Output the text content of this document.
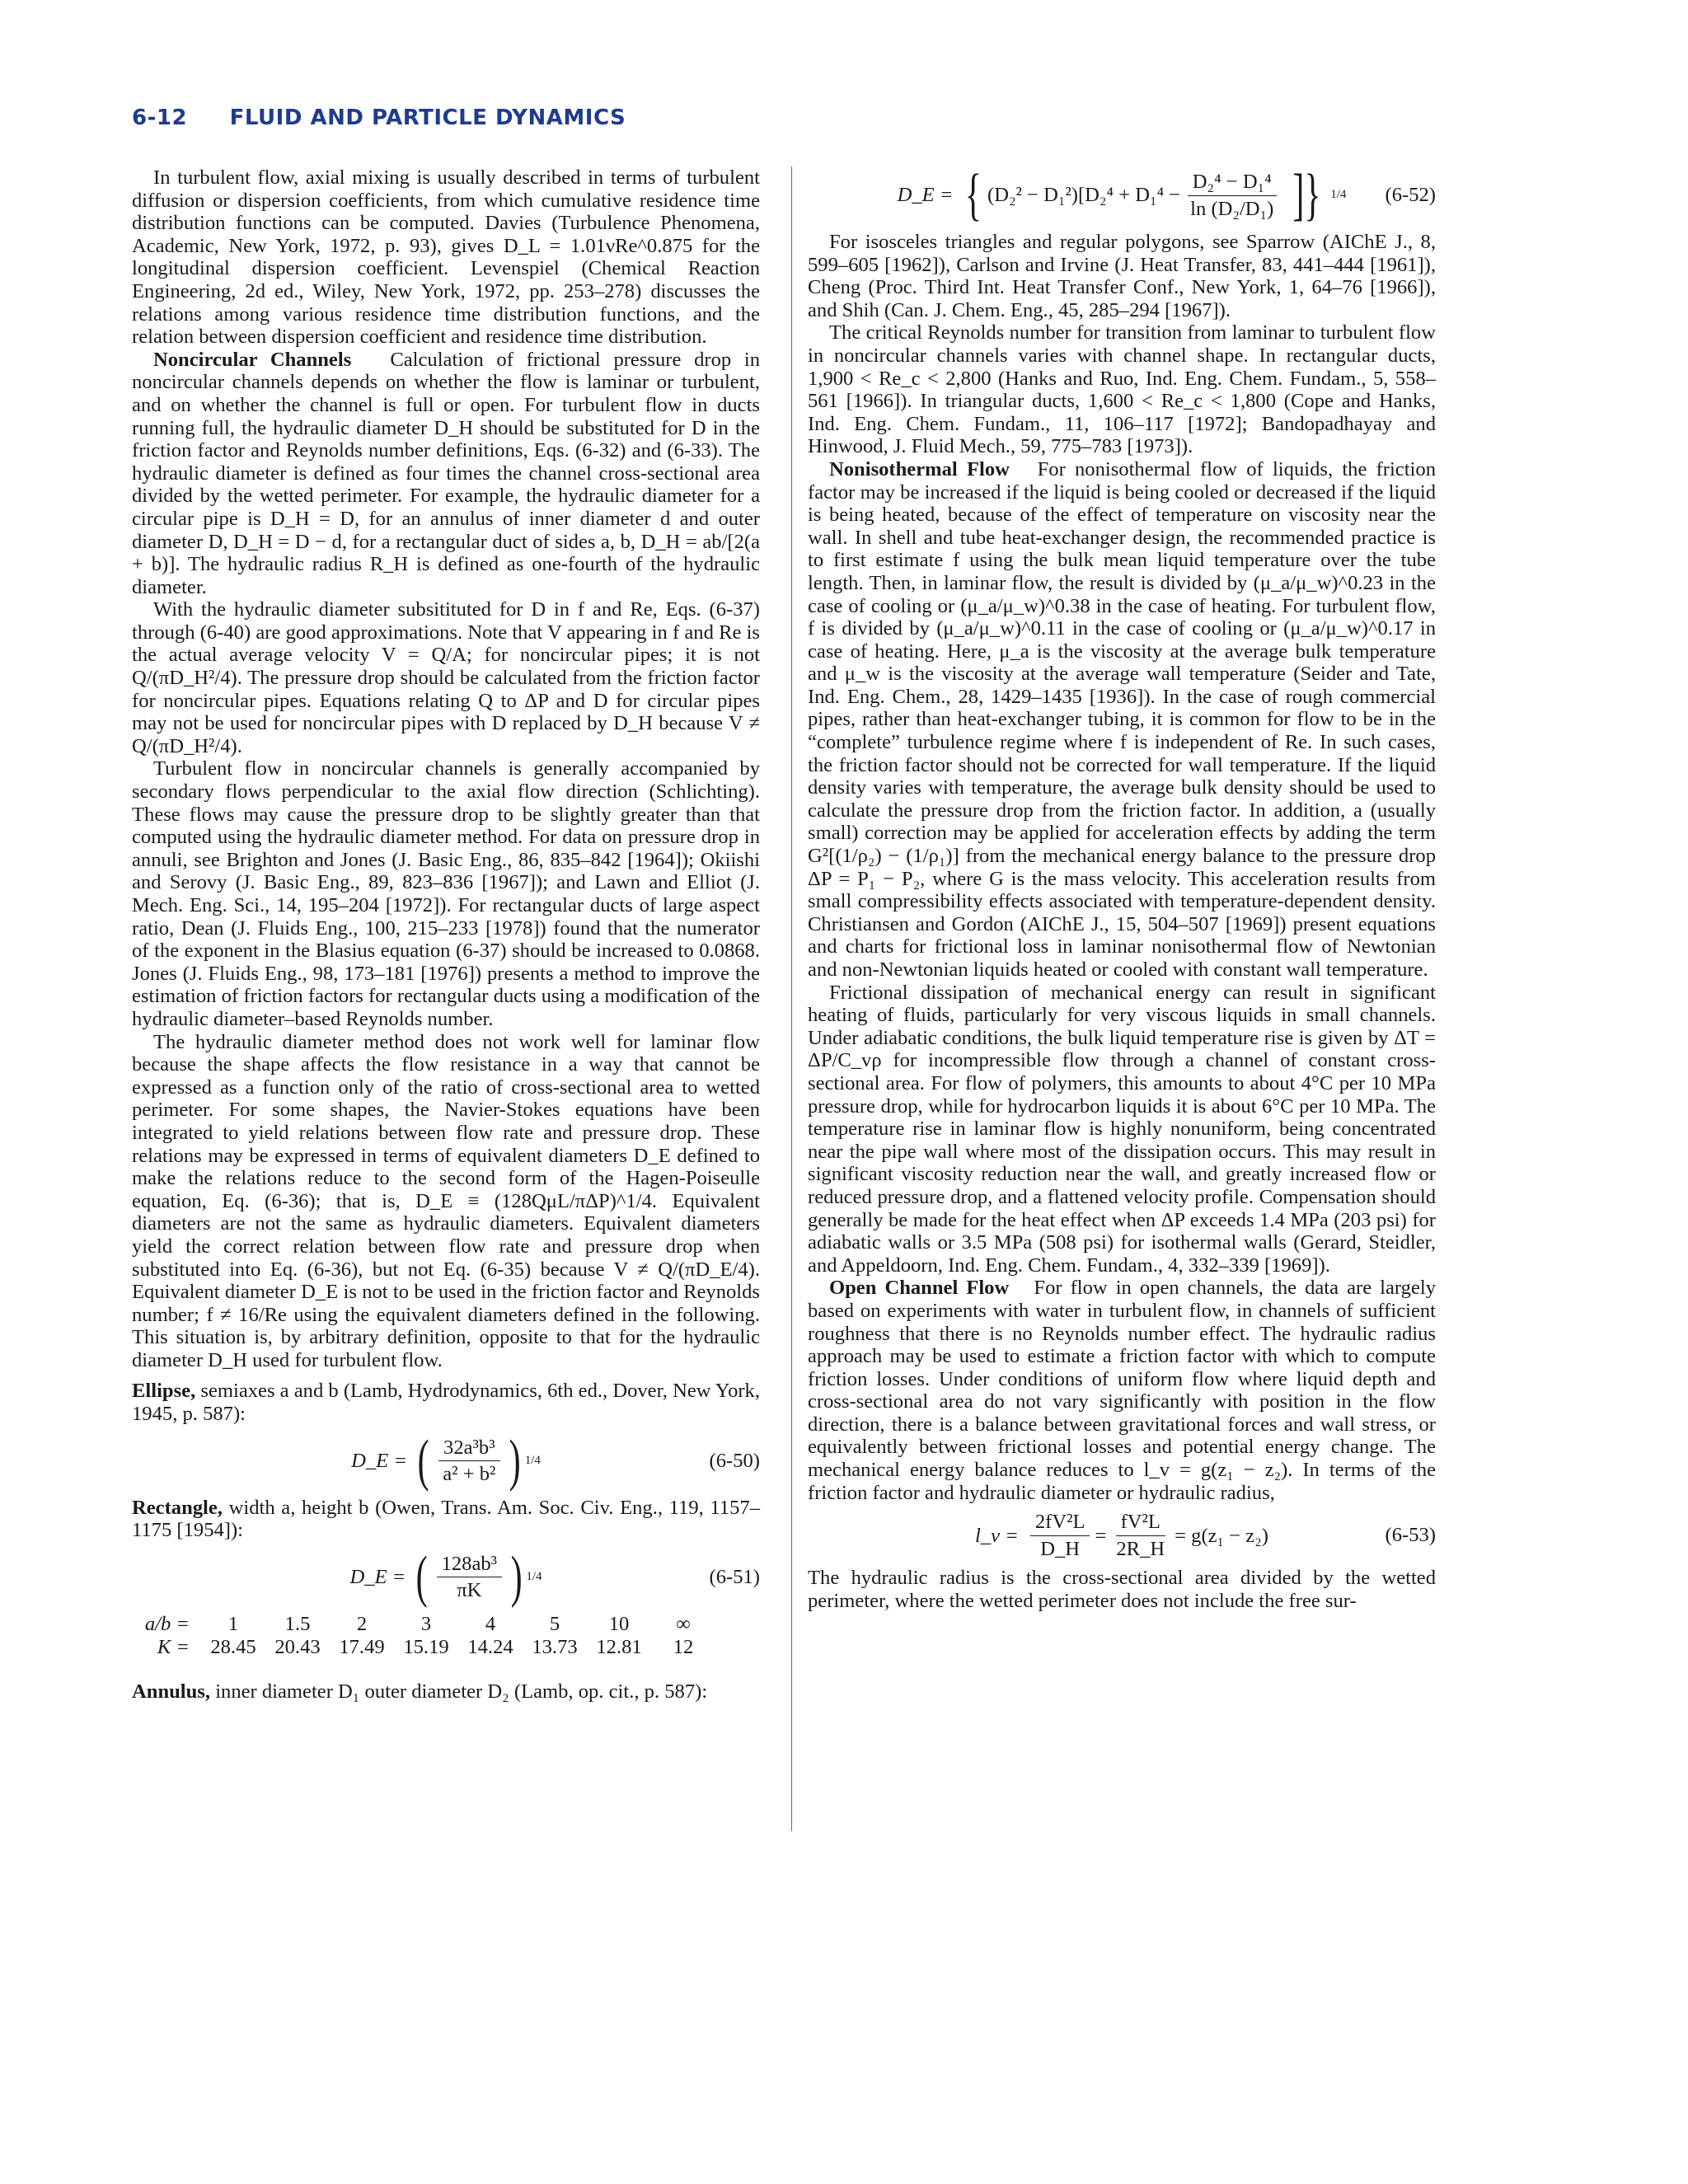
6-12 FLUID AND PARTICLE DYNAMICS

In turbulent flow, axial mixing is usually described in terms of turbulent diffusion or dispersion coefficients, from which cumulative residence time distribution functions can be computed. Davies (Turbulence Phenomena, Academic, New York, 1972, p. 93), gives D_L = 1.01νRe^0.875 for the longitudinal dispersion coefficient. Levenspiel (Chemical Reaction Engineering, 2d ed., Wiley, New York, 1972, pp. 253–278) discusses the relations among various residence time distribution functions, and the relation between dispersion coefficient and residence time distribution.

Noncircular Channels Calculation of frictional pressure drop in noncircular channels depends on whether the flow is laminar or turbulent, and on whether the channel is full or open. For turbulent flow in ducts running full, the hydraulic diameter D_H should be substituted for D in the friction factor and Reynolds number definitions, Eqs. (6-32) and (6-33). The hydraulic diameter is defined as four times the channel cross-sectional area divided by the wetted perimeter. For example, the hydraulic diameter for a circular pipe is D_H = D, for an annulus of inner diameter d and outer diameter D, D_H = D − d, for a rectangular duct of sides a, b, D_H = ab/[2(a + b)]. The hydraulic radius R_H is defined as one-fourth of the hydraulic diameter.

With the hydraulic diameter subsitituted for D in f and Re, Eqs. (6-37) through (6-40) are good approximations. Note that V appearing in f and Re is the actual average velocity V = Q/A; for noncircular pipes; it is not Q/(πD_H²/4). The pressure drop should be calculated from the friction factor for noncircular pipes. Equations relating Q to ΔP and D for circular pipes may not be used for noncircular pipes with D replaced by D_H because V ≠ Q/(πD_H²/4).

Turbulent flow in noncircular channels is generally accompanied by secondary flows perpendicular to the axial flow direction (Schlichting). These flows may cause the pressure drop to be slightly greater than that computed using the hydraulic diameter method. For data on pressure drop in annuli, see Brighton and Jones (J. Basic Eng., 86, 835–842 [1964]); Okiishi and Serovy (J. Basic Eng., 89, 823–836 [1967]); and Lawn and Elliot (J. Mech. Eng. Sci., 14, 195–204 [1972]). For rectangular ducts of large aspect ratio, Dean (J. Fluids Eng., 100, 215–233 [1978]) found that the numerator of the exponent in the Blasius equation (6-37) should be increased to 0.0868. Jones (J. Fluids Eng., 98, 173–181 [1976]) presents a method to improve the estimation of friction factors for rectangular ducts using a modification of the hydraulic diameter–based Reynolds number.

The hydraulic diameter method does not work well for laminar flow because the shape affects the flow resistance in a way that cannot be expressed as a function only of the ratio of cross-sectional area to wetted perimeter. For some shapes, the Navier-Stokes equations have been integrated to yield relations between flow rate and pressure drop. These relations may be expressed in terms of equivalent diameters D_E defined to make the relations reduce to the second form of the Hagen-Poiseulle equation, Eq. (6-36); that is, D_E ≡ (128QμL/πΔP)^1/4. Equivalent diameters are not the same as hydraulic diameters. Equivalent diameters yield the correct relation between flow rate and pressure drop when substituted into Eq. (6-36), but not Eq. (6-35) because V ≠ Q/(πD_E/4). Equivalent diameter D_E is not to be used in the friction factor and Reynolds number; f ≠ 16/Re using the equivalent diameters defined in the following. This situation is, by arbitrary definition, opposite to that for the hydraulic diameter D_H used for turbulent flow.

Ellipse, semiaxes a and b (Lamb, Hydrodynamics, 6th ed., Dover, New York, 1945, p. 587):

D_E = ( $\frac{\text{32a³b³}}{\text{a² + b²}}$ ) 1/4	(6-50)

Rectangle, width a, height b (Owen, Trans. Am. Soc. Civ. Eng., 119, 1157–1175 [1954]):

D_E = ( $\frac{\text{128ab³}}{\pi K}$ ) 1/4	(6-51)
a/b =	1	1.5	2	3	4	5	10	∞
K =	28.45	20.43	17.49	15.19	14.24	13.73	12.81	12

Annulus, inner diameter D₁ outer diameter D₂ (Lamb, op. cit., p. 587):

D_E = { $(D_2^2 - D_1^2)[D_2^4 + D_1^4 - \frac{\text{D₂⁴ − D₁⁴}}{\text{ln (D₂/D₁)}}$ ]} 1/4 (6-52)

For isosceles triangles and regular polygons, see Sparrow (AIChE J., 8, 599–605 [1962]), Carlson and Irvine (J. Heat Transfer, 83, 441–444 [1961]), Cheng (Proc. Third Int. Heat Transfer Conf., New York, 1, 64–76 [1966]), and Shih (Can. J. Chem. Eng., 45, 285–294 [1967]).

The critical Reynolds number for transition from laminar to turbulent flow in noncircular channels varies with channel shape. In rectangular ducts, 1,900 < Re_c < 2,800 (Hanks and Ruo, Ind. Eng. Chem. Fundam., 5, 558–561 [1966]). In triangular ducts, 1,600 < Re_c < 1,800 (Cope and Hanks, Ind. Eng. Chem. Fundam., 11, 106–117 [1972]; Bandopadhayay and Hinwood, J. Fluid Mech., 59, 775–783 [1973]).

Nonisothermal Flow For nonisothermal flow of liquids, the friction factor may be increased if the liquid is being cooled or decreased if the liquid is being heated, because of the effect of temperature on viscosity near the wall. In shell and tube heat-exchanger design, the recommended practice is to first estimate f using the bulk mean liquid temperature over the tube length. Then, in laminar flow, the result is divided by (μ_a/μ_w)^0.23 in the case of cooling or (μ_a/μ_w)^0.38 in the case of heating. For turbulent flow, f is divided by (μ_a/μ_w)^0.11 in the case of cooling or (μ_a/μ_w)^0.17 in case of heating. Here, μ_a is the viscosity at the average bulk temperature and μ_w is the viscosity at the average wall temperature (Seider and Tate, Ind. Eng. Chem., 28, 1429–1435 [1936]). In the case of rough commercial pipes, rather than heat-exchanger tubing, it is common for flow to be in the “complete” turbulence regime where f is independent of Re. In such cases, the friction factor should not be corrected for wall temperature. If the liquid density varies with temperature, the average bulk density should be used to calculate the pressure drop from the friction factor. In addition, a (usually small) correction may be applied for acceleration effects by adding the term G²[(1/ρ₂) − (1/ρ₁)] from the mechanical energy balance to the pressure drop ΔP = P₁ − P₂, where G is the mass velocity. This acceleration results from small compressibility effects associated with temperature-dependent density. Christiansen and Gordon (AIChE J., 15, 504–507 [1969]) present equations and charts for frictional loss in laminar nonisothermal flow of Newtonian and non-Newtonian liquids heated or cooled with constant wall temperature.

Frictional dissipation of mechanical energy can result in significant heating of fluids, particularly for very viscous liquids in small channels. Under adiabatic conditions, the bulk liquid temperature rise is given by ΔT = ΔP/C_vρ for incompressible flow through a channel of constant cross-sectional area. For flow of polymers, this amounts to about 4°C per 10 MPa pressure drop, while for hydrocarbon liquids it is about 6°C per 10 MPa. The temperature rise in laminar flow is highly nonuniform, being concentrated near the pipe wall where most of the dissipation occurs. This may result in significant viscosity reduction near the wall, and greatly increased flow or reduced pressure drop, and a flattened velocity profile. Compensation should generally be made for the heat effect when ΔP exceeds 1.4 MPa (203 psi) for adiabatic walls or 3.5 MPa (508 psi) for isothermal walls (Gerard, Steidler, and Appeldoorn, Ind. Eng. Chem. Fundam., 4, 332–339 [1969]).

Open Channel Flow For flow in open channels, the data are largely based on experiments with water in turbulent flow, in channels of sufficient roughness that there is no Reynolds number effect. The hydraulic radius approach may be used to estimate a friction factor with which to compute friction losses. Under conditions of uniform flow where liquid depth and cross-sectional area do not vary significantly with position in the flow direction, there is a balance between gravitational forces and wall stress, or equivalently between frictional losses and potential energy change. The mechanical energy balance reduces to l_v = g(z₁ − z₂). In terms of the friction factor and hydraulic diameter or hydraulic radius,

l_v = $\frac{\text{2fV²L}}{D\_H} = \frac{\text{fV²L}}{2R\_H} = g(z_1 - z_2)$	(6-53)

The hydraulic radius is the cross-sectional area divided by the wetted perimeter, where the wetted perimeter does not include the free sur-
